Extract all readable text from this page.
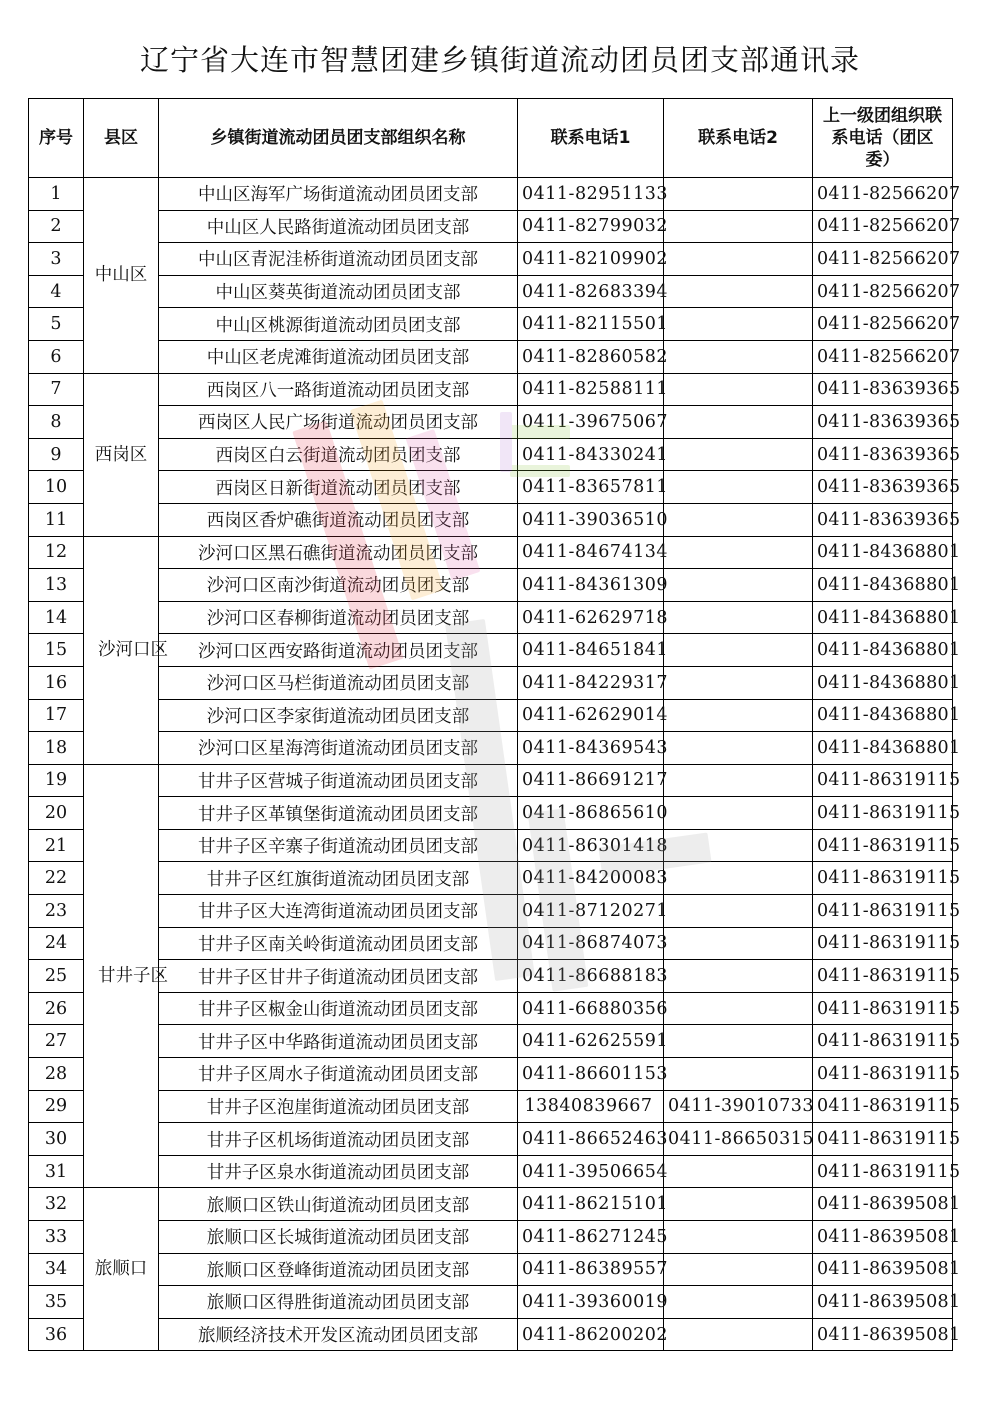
辽宁省大连市智慧团建乡镇街道流动团员团支部通讯录
序号	县区	乡镇街道流动团员团支部组织名称	联系电话1	联系电话2	上一级团组织联系电话（团区委）
1	中山区	中山区海军广场街道流动团员团支部	0411-82951133		0411-82566207
2		中山区人民路街道流动团员团支部	0411-82799032		0411-82566207
3		中山区青泥洼桥街道流动团员团支部	0411-82109902		0411-82566207
4		中山区葵英街道流动团员团支部	0411-82683394		0411-82566207
5		中山区桃源街道流动团员团支部	0411-82115501		0411-82566207
6		中山区老虎滩街道流动团员团支部	0411-82860582		0411-82566207
7	西岗区	西岗区八一路街道流动团员团支部	0411-82588111		0411-83639365
8		西岗区人民广场街道流动团员团支部	0411-39675067		0411-83639365
9		西岗区白云街道流动团员团支部	0411-84330241		0411-83639365
10		西岗区日新街道流动团员团支部	0411-83657811		0411-83639365
11		西岗区香炉礁街道流动团员团支部	0411-39036510		0411-83639365
12	沙河口区	沙河口区黑石礁街道流动团员团支部	0411-84674134		0411-84368801
13		沙河口区南沙街道流动团员团支部	0411-84361309		0411-84368801
14		沙河口区春柳街道流动团员团支部	0411-62629718		0411-84368801
15		沙河口区西安路街道流动团员团支部	0411-84651841		0411-84368801
16		沙河口区马栏街道流动团员团支部	0411-84229317		0411-84368801
17		沙河口区李家街道流动团员团支部	0411-62629014		0411-84368801
18		沙河口区星海湾街道流动团员团支部	0411-84369543		0411-84368801
19	甘井子区	甘井子区营城子街道流动团员团支部	0411-86691217		0411-86319115
20		甘井子区革镇堡街道流动团员团支部	0411-86865610		0411-86319115
21		甘井子区辛寨子街道流动团员团支部	0411-86301418		0411-86319115
22		甘井子区红旗街道流动团员团支部	0411-84200083		0411-86319115
23		甘井子区大连湾街道流动团员团支部	0411-87120271		0411-86319115
24		甘井子区南关岭街道流动团员团支部	0411-86874073		0411-86319115
25		甘井子区甘井子街道流动团员团支部	0411-86688183		0411-86319115
26		甘井子区椒金山街道流动团员团支部	0411-66880356		0411-86319115
27		甘井子区中华路街道流动团员团支部	0411-62625591		0411-86319115
28		甘井子区周水子街道流动团员团支部	0411-86601153		0411-86319115
29		甘井子区泡崖街道流动团员团支部	13840839667	0411-39010733	0411-86319115
30		甘井子区机场街道流动团员团支部	0411-86652463	0411-86650315	0411-86319115
31		甘井子区泉水街道流动团员团支部	0411-39506654		0411-86319115
32	旅顺口	旅顺口区铁山街道流动团员团支部	0411-86215101		0411-86395081
33		旅顺口区长城街道流动团员团支部	0411-86271245		0411-86395081
34		旅顺口区登峰街道流动团员团支部	0411-86389557		0411-86395081
35		旅顺口区得胜街道流动团员团支部	0411-39360019		0411-86395081
36		旅顺经济技术开发区流动团员团支部	0411-86200202		0411-86395081
